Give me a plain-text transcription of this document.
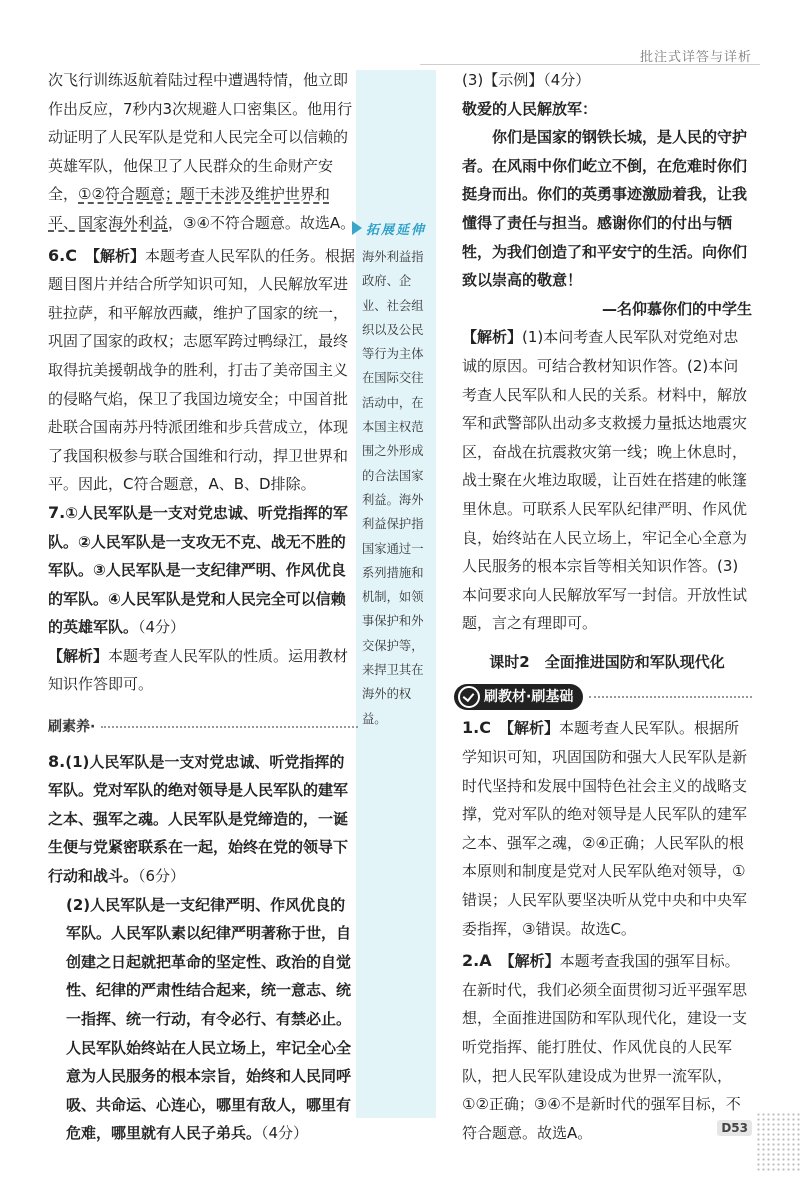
批注式详答与详析
拓展延伸
海外利益指政府、企业、社会组织以及公民等行为主体在国际交往活动中，在本国主权范围之外形成的合法国家利益。海外利益保护指国家通过一系列措施和机制，如领事保护和外交保护等，来捍卫其在海外的权益。

次飞行训练返航着陆过程中遭遇特情，他立即作出反应，7秒内3次规避人口密集区。他用行动证明了人民军队是党和人民完全可以信赖的英雄军队，他保卫了人民群众的生命财产安全，①②符合题意；题干未涉及维护世界和平、国家海外利益，③④不符合题意。故选A。

6.C 【解析】本题考查人民军队的任务。根据题目图片并结合所学知识可知，人民解放军进驻拉萨，和平解放西藏，维护了国家的统一，巩固了国家的政权；志愿军跨过鸭绿江，最终取得抗美援朝战争的胜利，打击了美帝国主义的侵略气焰，保卫了我国边境安全；中国首批赴联合国南苏丹特派团维和步兵营成立，体现了我国积极参与联合国维和行动，捍卫世界和平。因此，C符合题意，A、B、D排除。

7.①人民军队是一支对党忠诚、听党指挥的军队。②人民军队是一支攻无不克、战无不胜的军队。③人民军队是一支纪律严明、作风优良的军队。④人民军队是党和人民完全可以信赖的英雄军队。（4分）

【解析】本题考查人民军队的性质。运用教材知识作答即可。

刷素养·

8.(1)人民军队是一支对党忠诚、听党指挥的军队。党对军队的绝对领导是人民军队的建军之本、强军之魂。人民军队是党缔造的，一诞生便与党紧密联系在一起，始终在党的领导下行动和战斗。（6分）

(2)人民军队是一支纪律严明、作风优良的军队。人民军队素以纪律严明著称于世，自创建之日起就把革命的坚定性、政治的自觉性、纪律的严肃性结合起来，统一意志、统一指挥、统一行动，有令必行、有禁必止。人民军队始终站在人民立场上，牢记全心全意为人民服务的根本宗旨，始终和人民同呼吸、共命运、心连心，哪里有敌人，哪里有危难，哪里就有人民子弟兵。（4分）

(3)【示例】（4分）

敬爱的人民解放军：

你们是国家的钢铁长城，是人民的守护者。在风雨中你们屹立不倒，在危难时你们挺身而出。你们的英勇事迹激励着我，让我懂得了责任与担当。感谢你们的付出与牺牲，为我们创造了和平安宁的生活。向你们致以崇高的敬意！

—名仰慕你们的中学生

【解析】(1)本问考查人民军队对党绝对忠诚的原因。可结合教材知识作答。(2)本问考查人民军队和人民的关系。材料中，解放军和武警部队出动多支救援力量抵达地震灾区，奋战在抗震救灾第一线；晚上休息时，战士聚在火堆边取暖，让百姓在搭建的帐篷里休息。可联系人民军队纪律严明、作风优良，始终站在人民立场上，牢记全心全意为人民服务的根本宗旨等相关知识作答。(3)本问要求向人民解放军写一封信。开放性试题，言之有理即可。

课时2　全面推进国防和军队现代化
刷教材·刷基础

1.C 【解析】本题考查人民军队。根据所学知识可知，巩固国防和强大人民军队是新时代坚持和发展中国特色社会主义的战略支撑，党对军队的绝对领导是人民军队的建军之本、强军之魂，②④正确；人民军队的根本原则和制度是党对人民军队绝对领导，①错误；人民军队要坚决听从党中央和中央军委指挥，③错误。故选C。

2.A 【解析】本题考查我国的强军目标。在新时代，我们必须全面贯彻习近平强军思想，全面推进国防和军队现代化，建设一支听党指挥、能打胜仗、作风优良的人民军队，把人民军队建设成为世界一流军队，①②正确；③④不是新时代的强军目标，不符合题意。故选A。	D53
